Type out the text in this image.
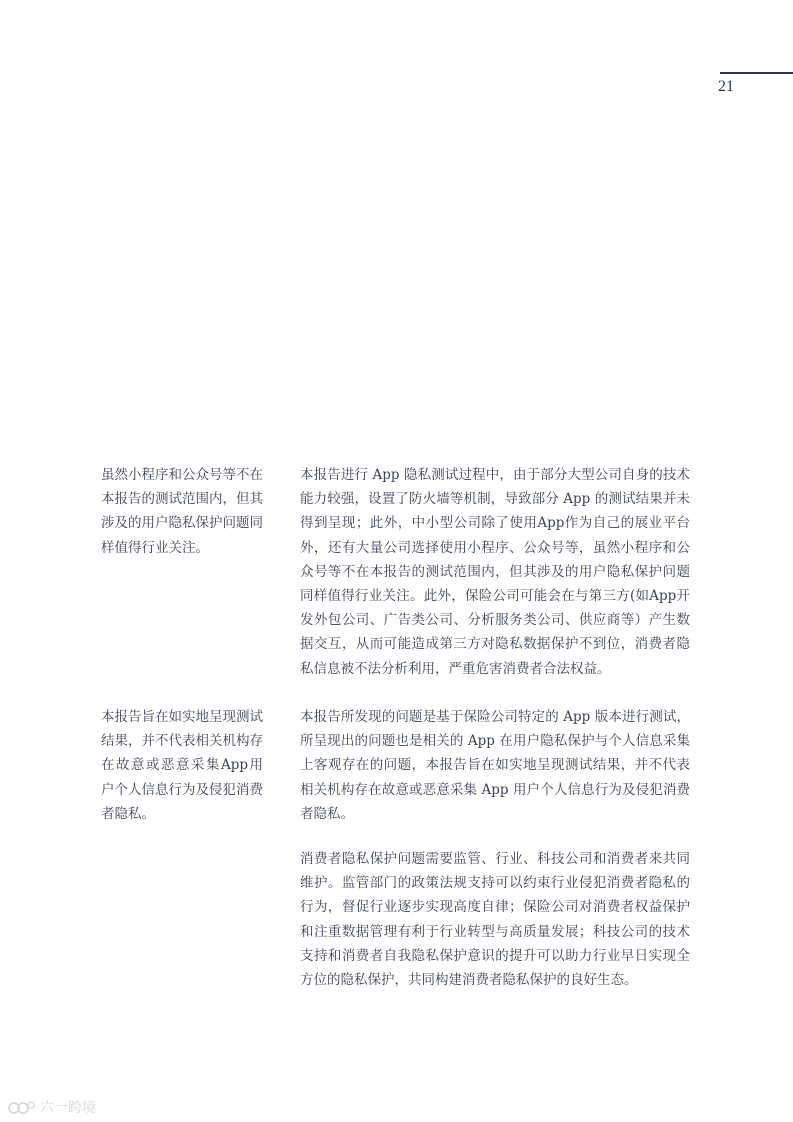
21

虽然小程序和公众号等不在本报告的测试范围内，但其涉及的用户隐私保护问题同样值得行业关注。

本报告旨在如实地呈现测试结果，并不代表相关机构存在故意或恶意采集App用户个人信息行为及侵犯消费者隐私。

本报告进行 App 隐私测试过程中，由于部分大型公司自身的技术能力较强，设置了防火墙等机制，导致部分 App 的测试结果并未得到呈现；此外，中小型公司除了使用App作为自己的展业平台外，还有大量公司选择使用小程序、公众号等，虽然小程序和公众号等不在本报告的测试范围内，但其涉及的用户隐私保护问题同样值得行业关注。此外，保险公司可能会在与第三方(如App开发外包公司、广告类公司、分析服务类公司、供应商等）产生数据交互，从而可能造成第三方对隐私数据保护不到位，消费者隐私信息被不法分析利用，严重危害消费者合法权益。

本报告所发现的问题是基于保险公司特定的 App 版本进行测试，所呈现出的问题也是相关的 App 在用户隐私保护与个人信息采集上客观存在的问题，本报告旨在如实地呈现测试结果，并不代表相关机构存在故意或恶意采集 App 用户个人信息行为及侵犯消费者隐私。

消费者隐私保护问题需要监管、行业、科技公司和消费者来共同维护。监管部门的政策法规支持可以约束行业侵犯消费者隐私的行为，督促行业逐步实现高度自律；保险公司对消费者权益保护和注重数据管理有利于行业转型与高质量发展；科技公司的技术支持和消费者自我隐私保护意识的提升可以助力行业早日实现全方位的隐私保护，共同构建消费者隐私保护的良好生态。

六一跨境
